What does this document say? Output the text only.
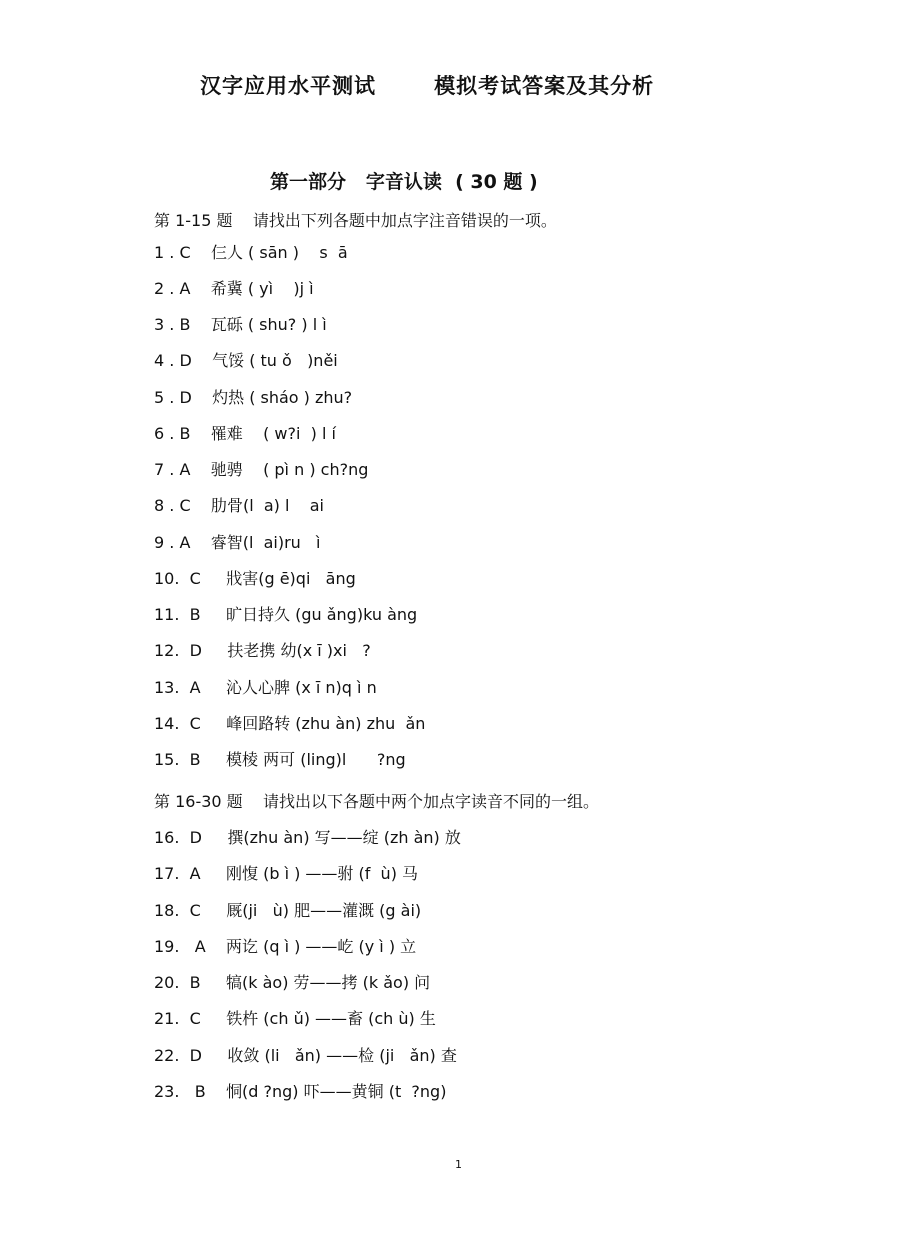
汉字应用水平测试       模拟考试答案及其分析
第一部分   字音认读  ( 30 题 )
第 1-15 题    请找出下列各题中加点字注音错误的一项。
1 . C    仨人 ( sān )    s  ā
2 . A    希冀 ( yì    )j ì
3 . B    瓦砾 ( shu? ) l ì
4 . D    气馁 ( tu ǒ   )něi
5 . D    灼热 ( sháo ) zhu?
6 . B    罹难    ( w?i  ) l í
7 . A    驰骋    ( pì n ) ch?ng
8 . C    肋骨(l  a) l    ai
9 . A    睿智(l  ai)ru   ì
10.  C     戕害(g ē)qi   āng
11.  B     旷日持久 (gu ǎng)ku àng
12.  D     扶老携 幼(x ī )xi   ?
13.  A     沁人心脾 (x ī n)q ì n
14.  C     峰回路转 (zhu àn) zhu  ǎn
15.  B     模棱 两可 (ling)l      ?ng
第 16-30 题    请找出以下各题中两个加点字读音不同的一组。
16.  D     撰(zhu àn) 写——绽 (zh àn) 放
17.  A     刚愎 (b ì ) ——驸 (f  ù) 马
18.  C     厩(ji   ù) 肥——灌溉 (g ài)
19.   A    两讫 (q ì ) ——屹 (y ì ) 立
20.  B     犒(k ào) 劳——拷 (k ǎo) 问
21.  C     铁杵 (ch ǔ) ——畜 (ch ù) 生
22.  D     收敛 (li   ǎn) ——检 (ji   ǎn) 查
23.   B    恫(d ?ng) 吓——黄铜 (t  ?ng)
1
